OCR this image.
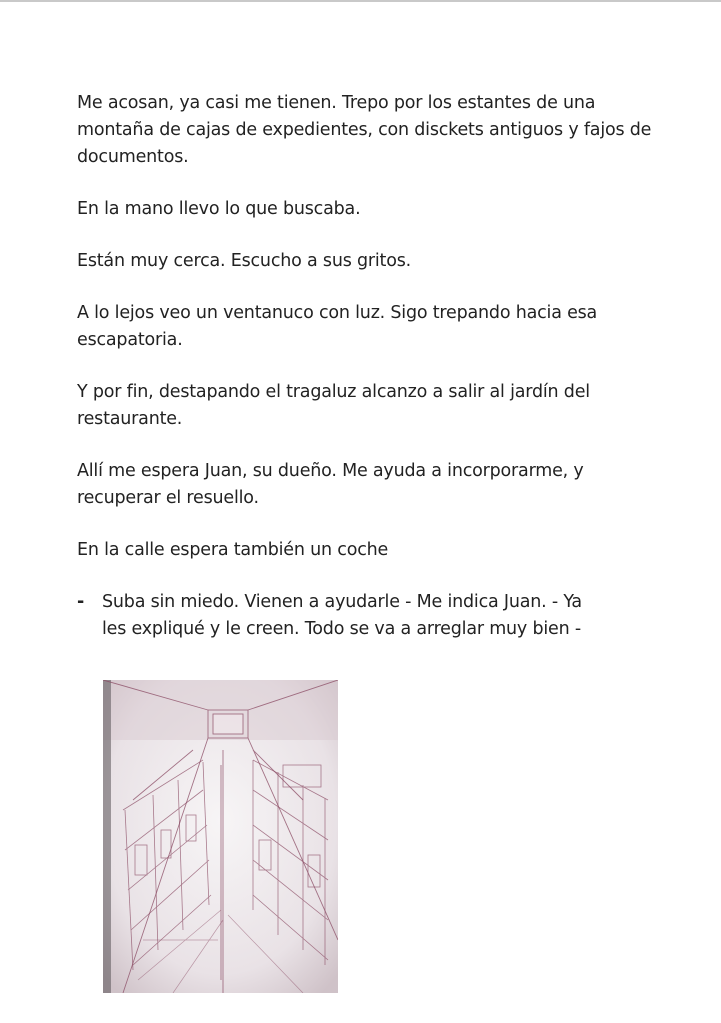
Me acosan, ya casi me tienen. Trepo por los estantes de una montaña de cajas de expedientes, con disckets antiguos y fajos de documentos.

En la mano llevo lo que buscaba.

Están muy cerca. Escucho a sus gritos.

A lo lejos veo un ventanuco con luz. Sigo trepando hacia esa escapatoria.

Y por fin, destapando el tragaluz alcanzo a salir al jardín del restaurante.

Allí me espera Juan, su dueño. Me ayuda a incorporarme, y recuperar el resuello.

En la calle espera también un coche

- Suba sin miedo. Vienen a ayudarle - Me indica Juan. - Ya
les expliqué y le creen. Todo se va a arreglar muy bien -
